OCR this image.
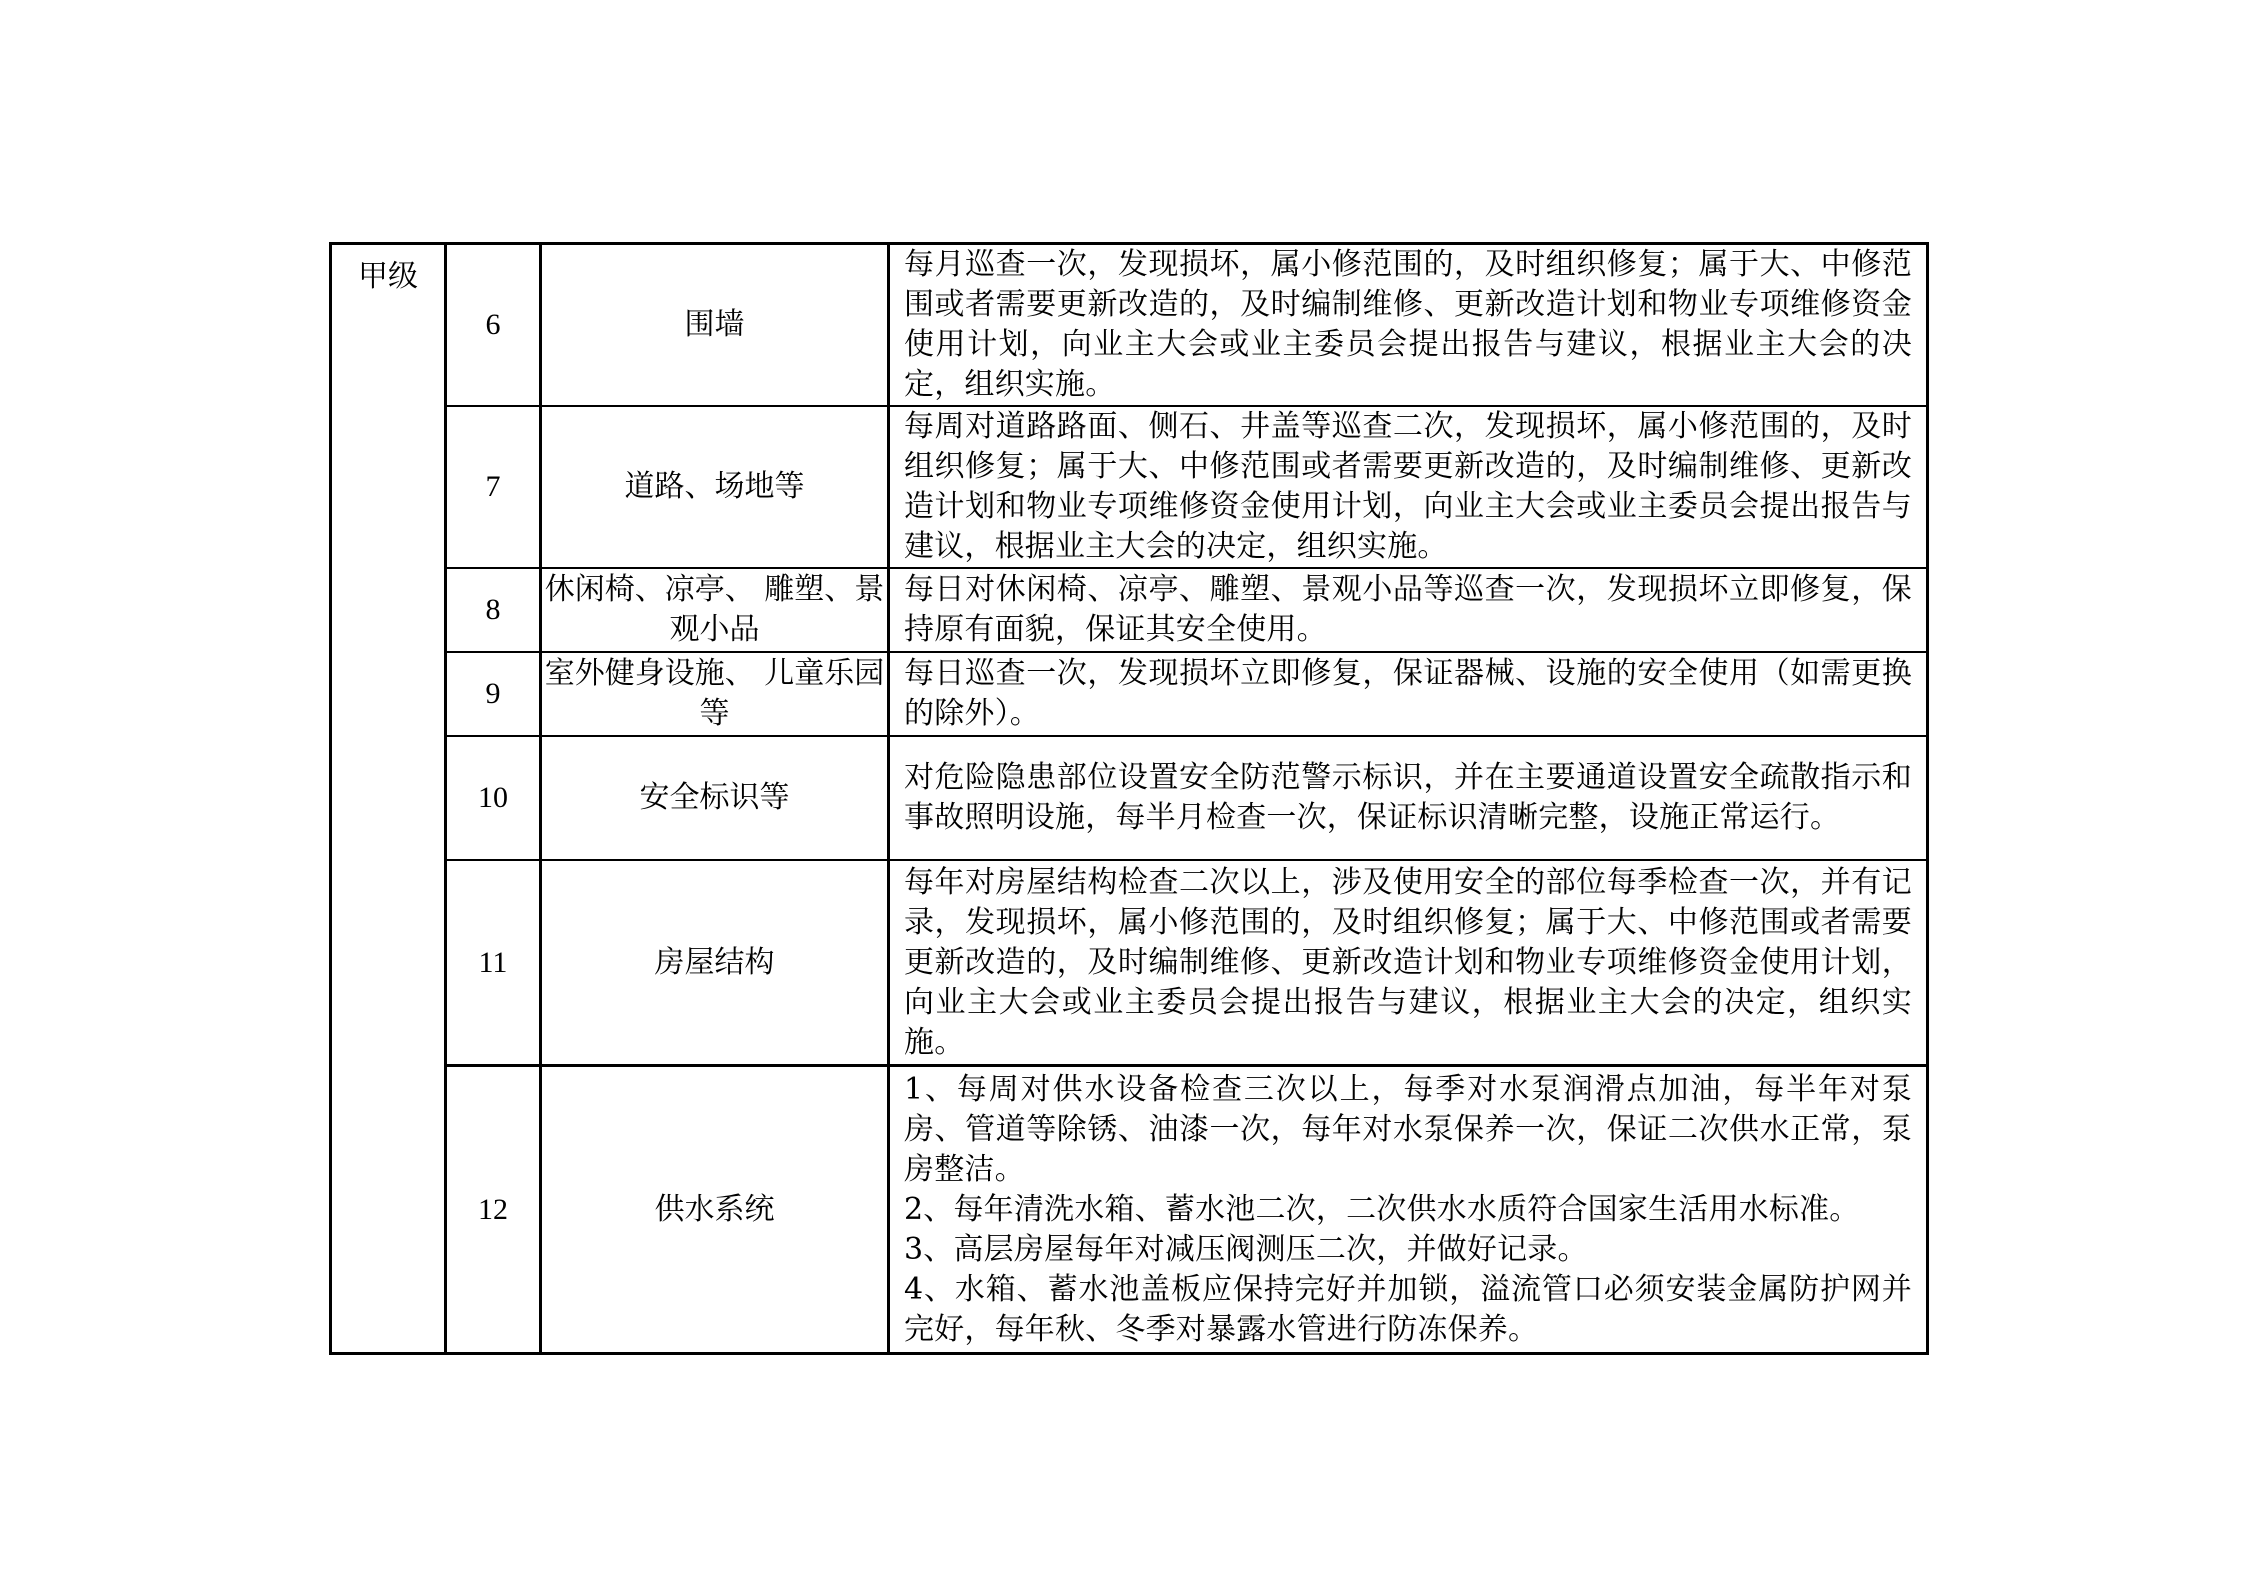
甲级	6	围墙	每月巡查一次，发现损坏，属小修范围的，及时组织修复；属于大、中修范围或者需要更新改造的，及时编制维修、更新改造计划和物业专项维修资金使用计划，向业主大会或业主委员会提出报告与建议，根据业主大会的决定，组织实施。

	7	道路、场地等	每周对道路路面、侧石、井盖等巡查二次，发现损坏，属小修范围的，及时组织修复；属于大、中修范围或者需要更新改造的，及时编制维修、更新改造计划和物业专项维修资金使用计划，向业主大会或业主委员会提出报告与建议，根据业主大会的决定，组织实施。

	8	休闲椅、凉亭、 雕塑、景观小品	每日对休闲椅、凉亭、雕塑、景观小品等巡查一次，发现损坏立即修复，保持原有面貌，保证其安全使用。

	9	室外健身设施、 儿童乐园等	每日巡查一次，发现损坏立即修复，保证器械、设施的安全使用（如需更换的除外）。

	10	安全标识等	对危险隐患部位设置安全防范警示标识，并在主要通道设置安全疏散指示和事故照明设施，每半月检查一次，保证标识清晰完整，设施正常运行。

	11	房屋结构	每年对房屋结构检查二次以上，涉及使用安全的部位每季检查一次，并有记录，发现损坏，属小修范围的，及时组织修复；属于大、中修范围或者需要更新改造的，及时编制维修、更新改造计划和物业专项维修资金使用计划，向业主大会或业主委员会提出报告与建议，根据业主大会的决定，组织实施。

	12	供水系统	1、每周对供水设备检查三次以上，每季对水泵润滑点加油，每半年对泵房、管道等除锈、油漆一次，每年对水泵保养一次，保证二次供水正常，泵房整洁。
2、每年清洗水箱、蓄水池二次，二次供水水质符合国家生活用水标准。
3、高层房屋每年对减压阀测压二次，并做好记录。
4、水箱、蓄水池盖板应保持完好并加锁，溢流管口必须安装金属防护网并完好，每年秋、冬季对暴露水管进行防冻保养。
